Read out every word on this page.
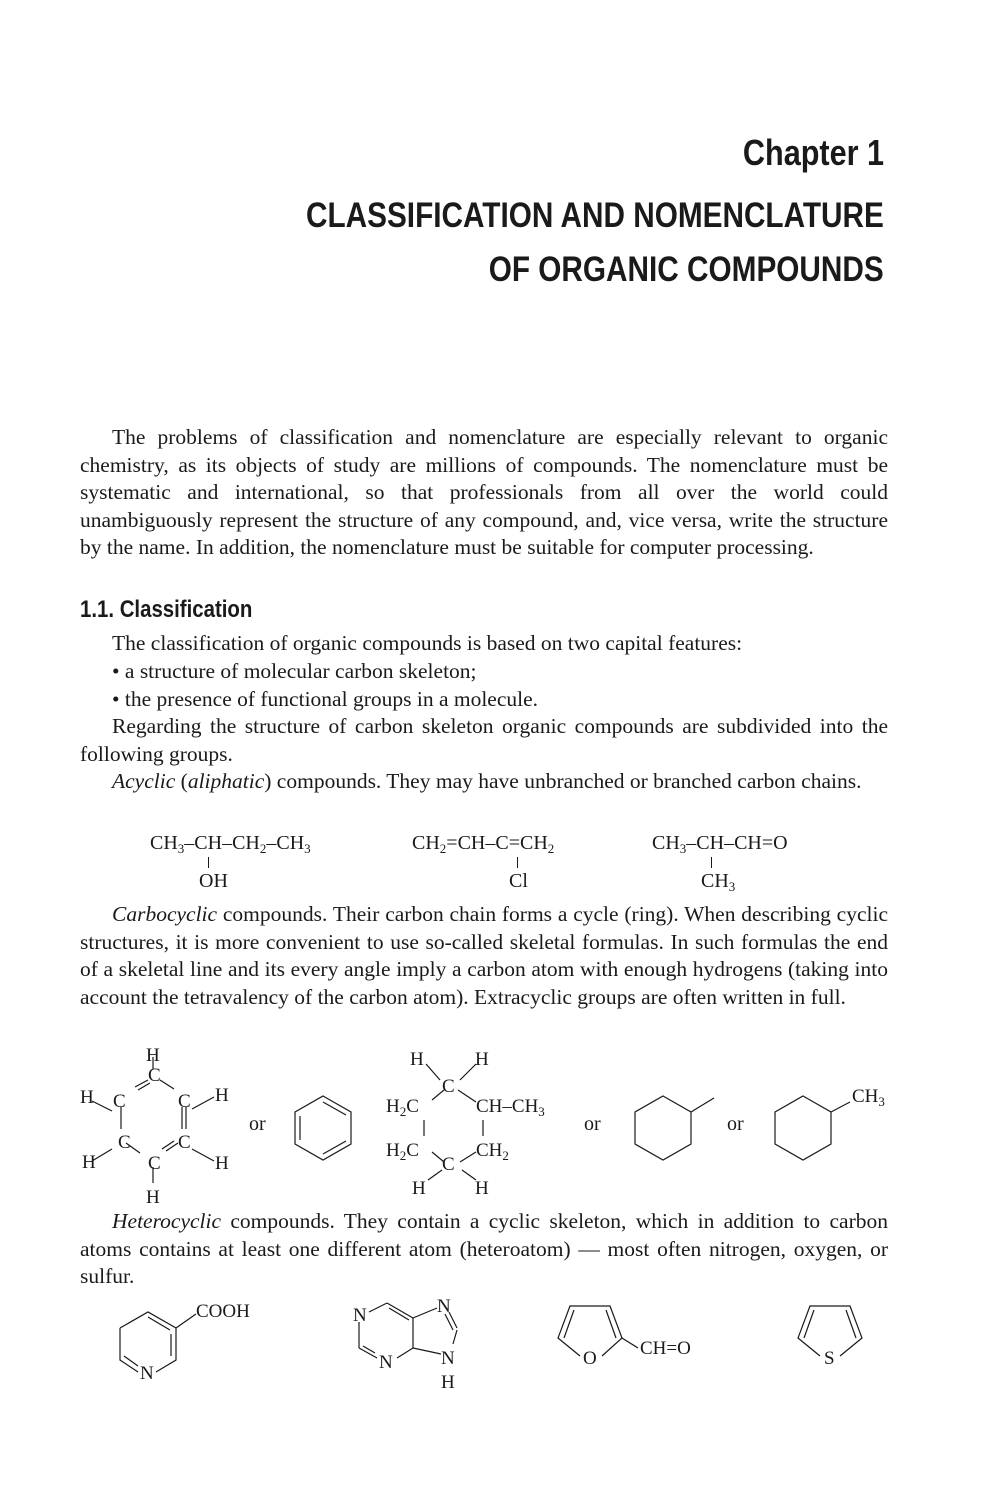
Chapter 1
CLASSIFICATION AND NOMENCLATURE
OF ORGANIC COMPOUNDS

The problems of classification and nomenclature are especially relevant to organic chemistry, as its objects of study are millions of compounds. The nomenclature must be systematic and international, so that professionals from all over the world could unambiguously represent the structure of any compound, and, vice versa, write the structure by the name. In addition, the nomenclature must be suitable for computer processing.

1.1. Classification

The classification of organic compounds is based on two capital features:

• a structure of molecular carbon skeleton;
• the presence of functional groups in a molecule.

Regarding the structure of carbon skeleton organic compounds are subdivided into the following groups.

Acyclic (aliphatic) compounds. They may have unbranched or branched carbon chains.

$CH_3-CH-CH_2-CH_3$
OH
$CH_2=CH-C=CH_2$
Cl
$CH_3-CH-CH=O$
$CH_3$

Carbocyclic compounds. Their carbon chain forms a cycle (ring). When describing cyclic structures, it is more convenient to use so-called skeletal formulas. In such formulas the end of a skeletal line and its every angle imply a carbon atom with enough hydrogens (taking into account the tetravalency of the carbon atom). Extracyclic groups are often written in full.

H
C
C	C
C C
C
H
H	H
H	H
or
H	H
C
$H_2C$	$CH-CH_3$
$H_2C$	$CH_2$
C
H	H
or	or
$CH_3$

Heterocyclic compounds. They contain a cyclic skeleton, which in addition to carbon atoms contains at least one different atom (heteroatom) — most often nitrogen, oxygen, or sulfur.

N
COOH	N	N
N	N
H
O CH=O	S
